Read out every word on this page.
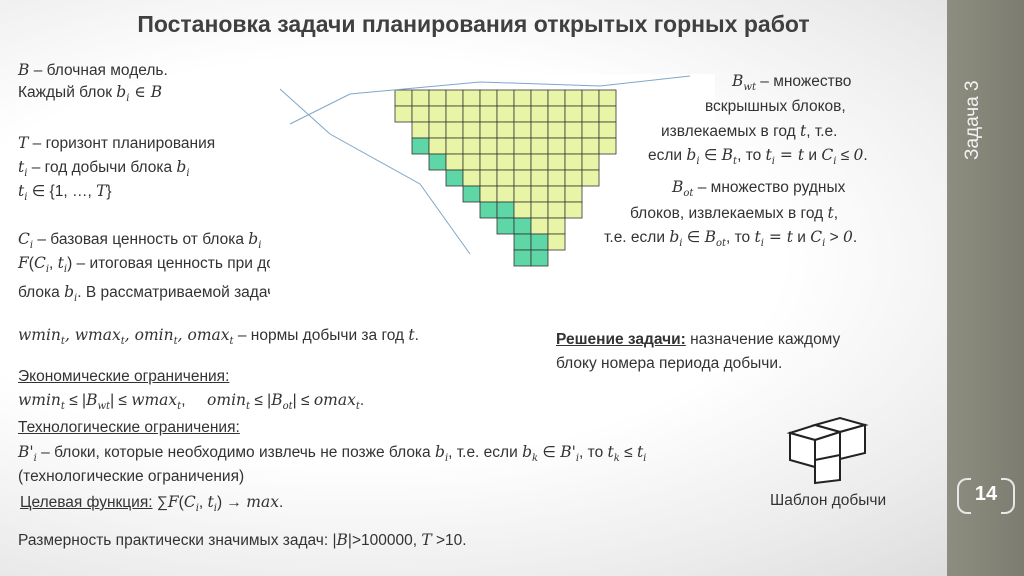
Постановка задачи планирования открытых горных работ
B – блочная модель.
Каждый блок $b_i$ ∈ B
T – горизонт планирования
$t_i$ – год добычи блока $b_i$
$t_i$ ∈ {1, …, T}
$C_i$ – базовая ценность от блока $b_i$
$F(C_i$, $t_i$) – итоговая ценность при добыче
блока $b_i$. В рассматриваемой задаче $F(C_i$, $t_i) = C_i$ ∗ $0.9^{(t_i-1)}$.
wmin$_t$, wmax$_t$, omin$_t$, omax$_t$ – нормы добычи за год t.
$B_{wt}$ – множество
вскрышных блоков,
извлекаемых в год t, т.е.
если $b_i$ ∈ $B_t$, то $t_i = t$ и $C_i \le 0$.
$B_{ot}$ – множество рудных
блоков, извлекаемых в год t,
т.е. если $b_i$ ∈ $B_{ot}$, то $t_i = t$ и $C_i > 0$.
Решение задачи: назначение каждому
блоку номера периода добычи.
Экономические ограничения:
$wmin_t \le |B_{wt}| \le wmax_t$,     $omin_t \le |B_{ot}| \le omax_t$.
Технологические ограничения:
$B'_i$ – блоки, которые необходимо извлечь не позже блока $b_i$, т.е. если $b_k$ ∈ $B'_i$, то $t_k \le t_i$
(технологические ограничения)
Целевая функция: $\sum F(C_i$, $t_i) \to \max$.
Размерность практически значимых задач: |B|>100000, T >10.
Шаблон добычи
Задача 3
14
